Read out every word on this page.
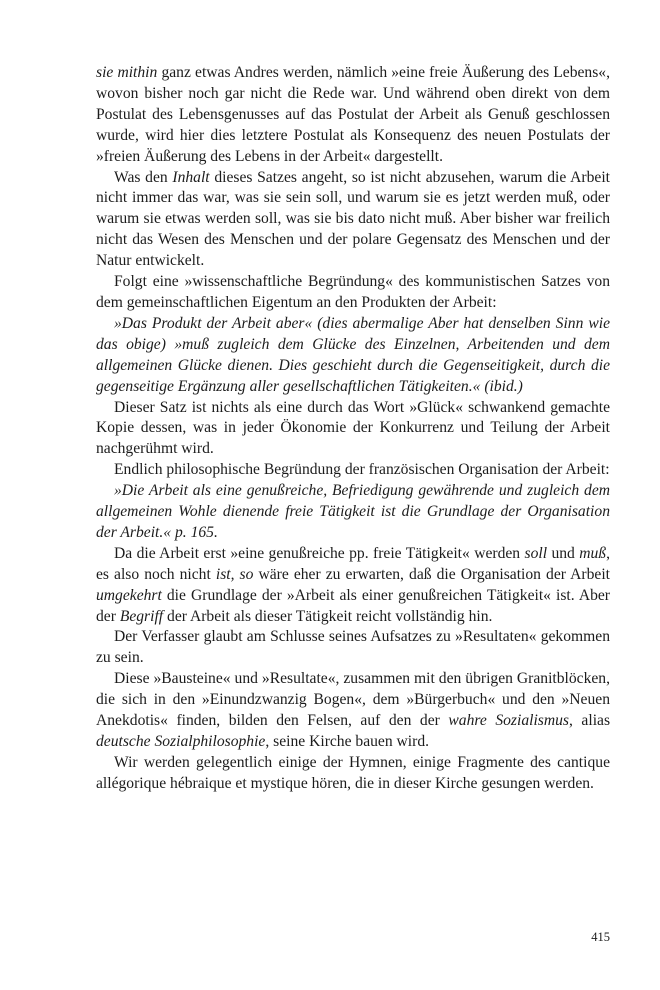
sie mithin ganz etwas Andres werden, nämlich »eine freie Äußerung des Lebens«, wovon bisher noch gar nicht die Rede war. Und während oben direkt von dem Postulat des Lebensgenusses auf das Postulat der Arbeit als Genuß geschlossen wurde, wird hier dies letztere Postulat als Konsequenz des neuen Postulats der »freien Äußerung des Lebens in der Arbeit« dargestellt.

Was den Inhalt dieses Satzes angeht, so ist nicht abzusehen, warum die Arbeit nicht immer das war, was sie sein soll, und warum sie es jetzt werden muß, oder warum sie etwas werden soll, was sie bis dato nicht muß. Aber bisher war freilich nicht das Wesen des Menschen und der polare Gegensatz des Menschen und der Natur entwickelt.

Folgt eine »wissenschaftliche Begründung« des kommunistischen Satzes von dem gemeinschaftlichen Eigentum an den Produkten der Arbeit:

»Das Produkt der Arbeit aber« (dies abermalige Aber hat denselben Sinn wie das obige) »muß zugleich dem Glücke des Einzelnen, Arbeitenden und dem allgemeinen Glücke dienen. Dies geschieht durch die Gegenseitigkeit, durch die gegenseitige Ergänzung aller gesellschaftlichen Tätigkeiten.« (ibid.)

Dieser Satz ist nichts als eine durch das Wort »Glück« schwankend gemachte Kopie dessen, was in jeder Ökonomie der Konkurrenz und Teilung der Arbeit nachgerühmt wird.

Endlich philosophische Begründung der französischen Organisation der Arbeit:

»Die Arbeit als eine genußreiche, Befriedigung gewährende und zugleich dem allgemeinen Wohle dienende freie Tätigkeit ist die Grundlage der Organisation der Arbeit.« p. 165.

Da die Arbeit erst »eine genußreiche pp. freie Tätigkeit« werden soll und muß, es also noch nicht ist, so wäre eher zu erwarten, daß die Organisation der Arbeit umgekehrt die Grundlage der »Arbeit als einer genußreichen Tätigkeit« ist. Aber der Begriff der Arbeit als dieser Tätigkeit reicht vollständig hin.

Der Verfasser glaubt am Schlusse seines Aufsatzes zu »Resultaten« gekommen zu sein.

Diese »Bausteine« und »Resultate«, zusammen mit den übrigen Granitblöcken, die sich in den »Einundzwanzig Bogen«, dem »Bürgerbuch« und den »Neuen Anekdotis« finden, bilden den Felsen, auf den der wahre Sozialismus, alias deutsche Sozialphilosophie, seine Kirche bauen wird.

Wir werden gelegentlich einige der Hymnen, einige Fragmente des cantique allégorique hébraique et mystique hören, die in dieser Kirche gesungen werden.

415
